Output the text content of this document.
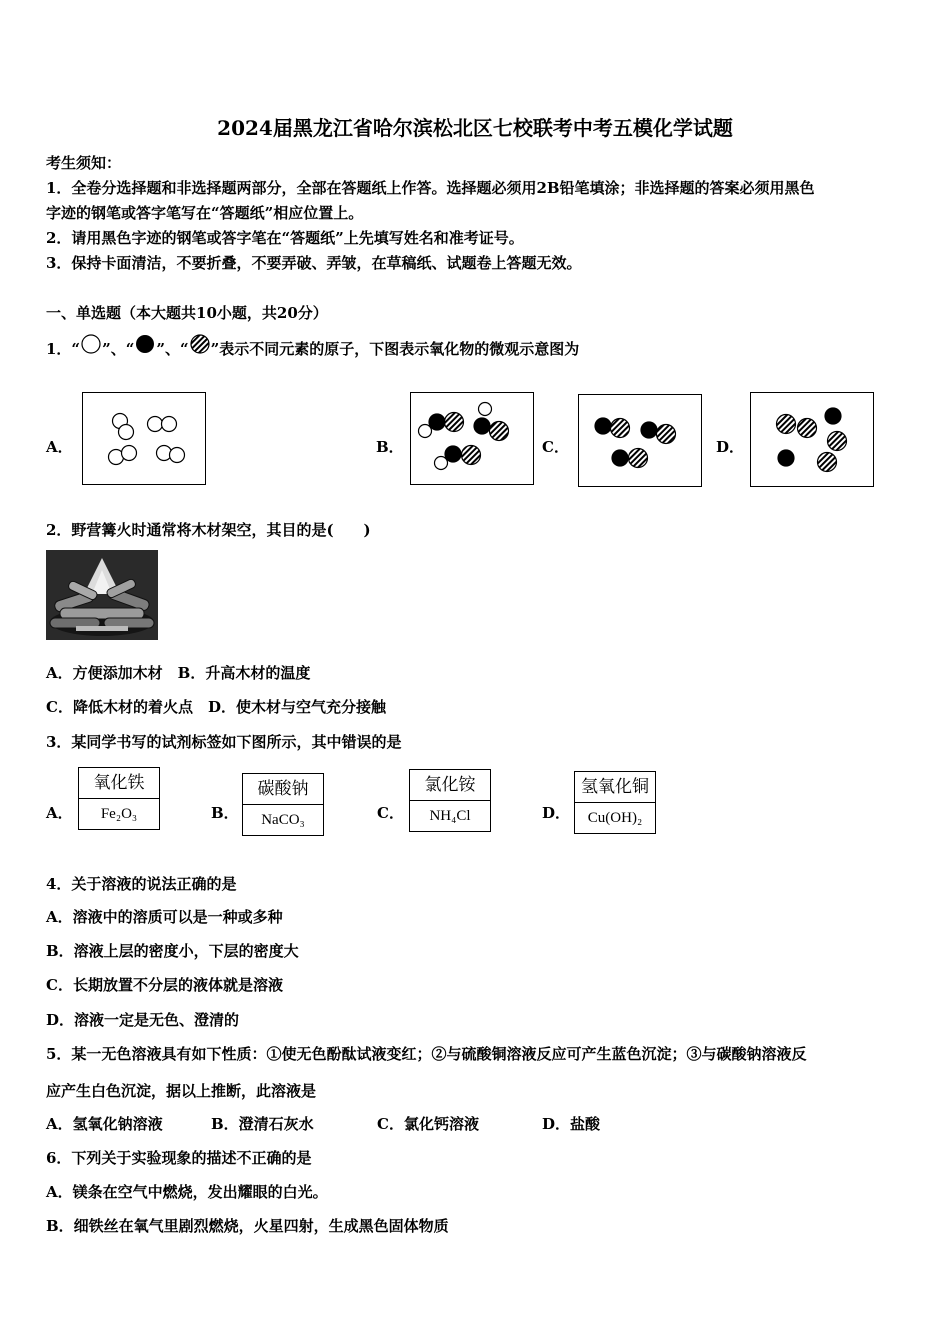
2024届黑龙江省哈尔滨松北区七校联考中考五模化学试题
考生须知：
1．全卷分选择题和非选择题两部分，全部在答题纸上作答。选择题必须用2B铅笔填涂；非选择题的答案必须用黑色
字迹的钢笔或答字笔写在“答题纸”相应位置上。
2．请用黑色字迹的钢笔或答字笔在“答题纸”上先填写姓名和准考证号。
3．保持卡面清洁，不要折叠，不要弄破、弄皱，在草稿纸、试题卷上答题无效。
一、单选题（本大题共10小题，共20分）
1．“ ”、“ ”、“ ”表示不同元素的原子，下图表示氧化物的微观示意图为
A．	B．	C．	D．
2．野营篝火时通常将木材架空，其目的是(　　)
A．方便添加木材　B．升高木材的温度
C．降低木材的着火点　D．使木材与空气充分接触
3．某同学书写的试剂标签如下图所示，其中错误的是
A．
氧化铁
Fe₂O₃	B．
碳酸钠
NaCO₃	C．
氯化铵
NH₄Cl	D．
氢氧化铜
Cu(OH)₂
4．关于溶液的说法正确的是
A．溶液中的溶质可以是一种或多种
B．溶液上层的密度小，下层的密度大
C．长期放置不分层的液体就是溶液
D．溶液一定是无色、澄清的
5．某一无色溶液具有如下性质：①使无色酚酞试液变红；②与硫酸铜溶液反应可产生蓝色沉淀；③与碳酸钠溶液反
应产生白色沉淀，据以上推断，此溶液是
A．氢氧化钠溶液	B．澄清石灰水	C．氯化钙溶液	D．盐酸
6．下列关于实验现象的描述不正确的是
A．镁条在空气中燃烧，发出耀眼的白光。
B．细铁丝在氧气里剧烈燃烧，火星四射，生成黑色固体物质
